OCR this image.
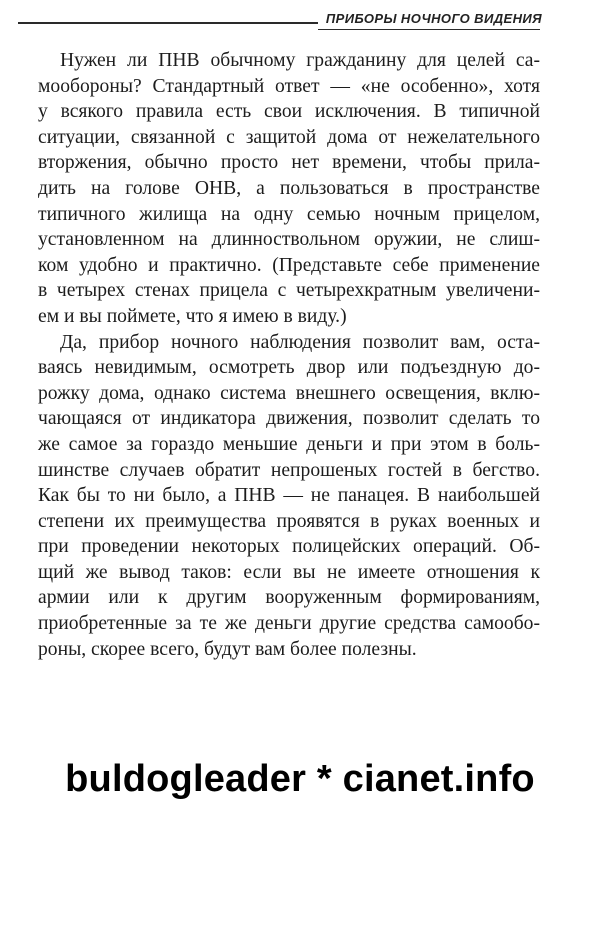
ПРИБОРЫ НОЧНОГО ВИДЕНИЯ
Нужен ли ПНВ обычному гражданину для целей са-
мообороны? Стандартный ответ — «не особенно», хотя
у всякого правила есть свои исключения. В типичной
ситуации, связанной с защитой дома от нежелательного
вторжения, обычно просто нет времени, чтобы прила-
дить на голове ОНВ, а пользоваться в пространстве
типичного жилища на одну семью ночным прицелом,
установленном на длинноствольном оружии, не слиш-
ком удобно и практично. (Представьте себе применение
в четырех стенах прицела с четырехкратным увеличени-
ем и вы поймете, что я имею в виду.)
Да, прибор ночного наблюдения позволит вам, оста-
ваясь невидимым, осмотреть двор или подъездную до-
рожку дома, однако система внешнего освещения, вклю-
чающаяся от индикатора движения, позволит сделать то
же самое за гораздо меньшие деньги и при этом в боль-
шинстве случаев обратит непрошеных гостей в бегство.
Как бы то ни было, а ПНВ — не панацея. В наибольшей
степени их преимущества проявятся в руках военных и
при проведении некоторых полицейских операций. Об-
щий же вывод таков: если вы не имеете отношения к
армии или к другим вооруженным формированиям,
приобретенные за те же деньги другие средства самообо-
роны, скорее всего, будут вам более полезны.
buldogleader * cianet.info
